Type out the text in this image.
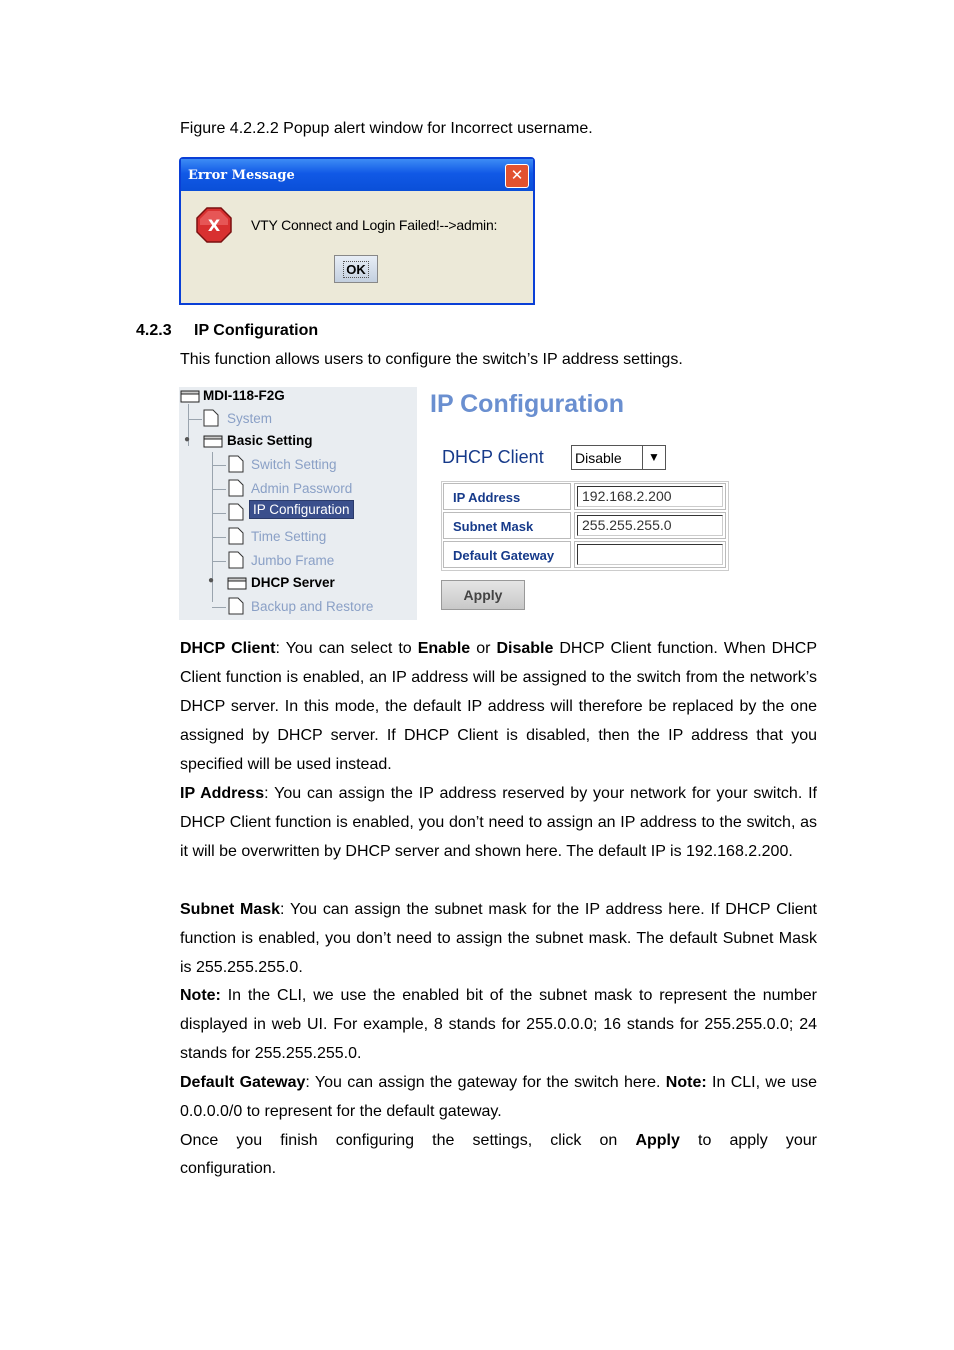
Figure 4.2.2.2 Popup alert window for Incorrect username.
Error Message	✕
X VTY Connect and Login Failed!-->admin:
OK
4.2.3 IP Configuration
This function allows users to configure the switch’s IP address settings.
MDI-118-F2G
System
●	Basic Setting
Switch Setting
Admin Password
IP Configuration
Time Setting
Jumbo Frame
●	DHCP Server
Backup and Restore
IP Configuration
DHCP Client Disable	▼
IP Address	192.168.2.200
Subnet Mask	255.255.255.0
Default Gateway
Apply
DHCP Client: You can select to Enable or Disable DHCP Client function. When DHCP Client function is enabled, an IP address will be assigned to the switch from the network’s DHCP server. In this mode, the default IP address will therefore be replaced by the one assigned by DHCP server. If DHCP Client is disabled, then the IP address that you specified will be used instead.
IP Address: You can assign the IP address reserved by your network for your switch. If DHCP Client function is enabled, you don’t need to assign an IP address to the switch, as it will be overwritten by DHCP server and shown here. The default IP is 192.168.2.200.
Subnet Mask: You can assign the subnet mask for the IP address here. If DHCP Client function is enabled, you don’t need to assign the subnet mask. The default Subnet Mask is 255.255.255.0.
Note: In the CLI, we use the enabled bit of the subnet mask to represent the number displayed in web UI. For example, 8 stands for 255.0.0.0; 16 stands for 255.255.0.0; 24 stands for 255.255.255.0.
Default Gateway: You can assign the gateway for the switch here. Note: In CLI, we use 0.0.0.0/0 to represent for the default gateway.
Once you finish configuring the settings, click on Apply to apply your
configuration.
